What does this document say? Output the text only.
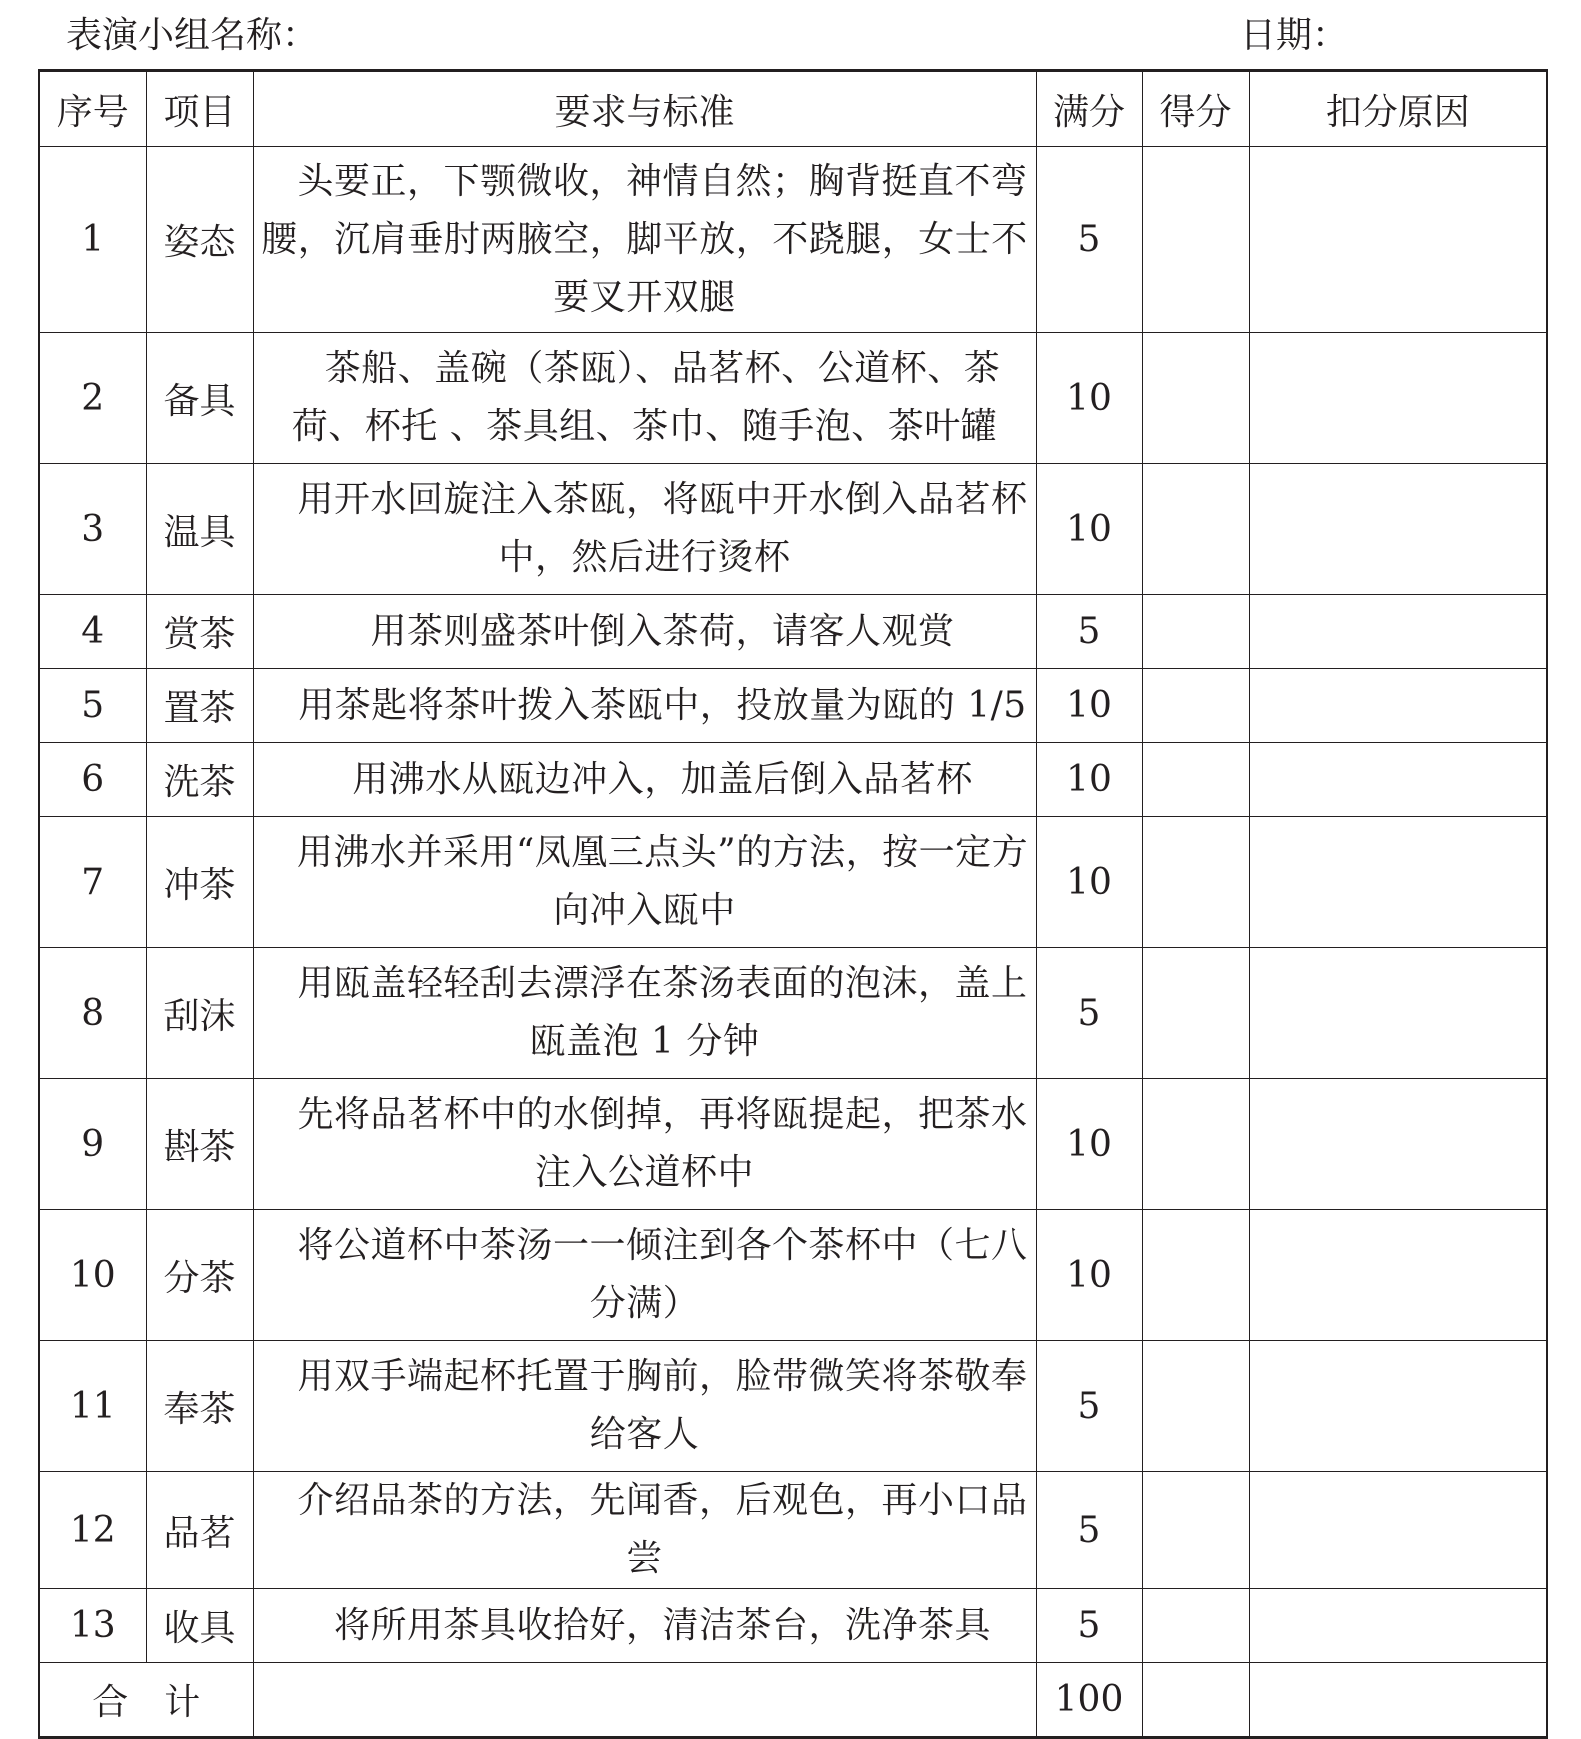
表演小组名称：	日期：
序号	项目	要求与标准	满分	得分	扣分原因
1	姿态	头要正，下颚微收，神情自然；胸背挺直不弯腰，沉肩垂肘两腋空，脚平放，不跷腿，女士不要叉开双腿	5		
2	备具	茶船、盖碗（茶瓯）、品茗杯、公道杯、茶荷、杯托 、茶具组、茶巾、随手泡、茶叶罐	10		
3	温具	用开水回旋注入茶瓯，将瓯中开水倒入品茗杯中，然后进行烫杯	10		
4	赏茶	用茶则盛茶叶倒入茶荷，请客人观赏	5		
5	置茶	用茶匙将茶叶拨入茶瓯中，投放量为瓯的 1/5	10		
6	洗茶	用沸水从瓯边冲入，加盖后倒入品茗杯	10		
7	冲茶	用沸水并采用“凤凰三点头”的方法，按一定方向冲入瓯中	10		
8	刮沫	用瓯盖轻轻刮去漂浮在茶汤表面的泡沫，盖上瓯盖泡 1 分钟	5		
9	斟茶	先将品茗杯中的水倒掉，再将瓯提起，把茶水注入公道杯中	10		
10	分茶	将公道杯中茶汤一一倾注到各个茶杯中（七八分满）	10		
11	奉茶	用双手端起杯托置于胸前，脸带微笑将茶敬奉给客人	5		
12	品茗	介绍品茶的方法，先闻香，后观色，再小口品尝	5		
13	收具	将所用茶具收拾好，清洁茶台，洗净茶具	5		
合　计			100		
